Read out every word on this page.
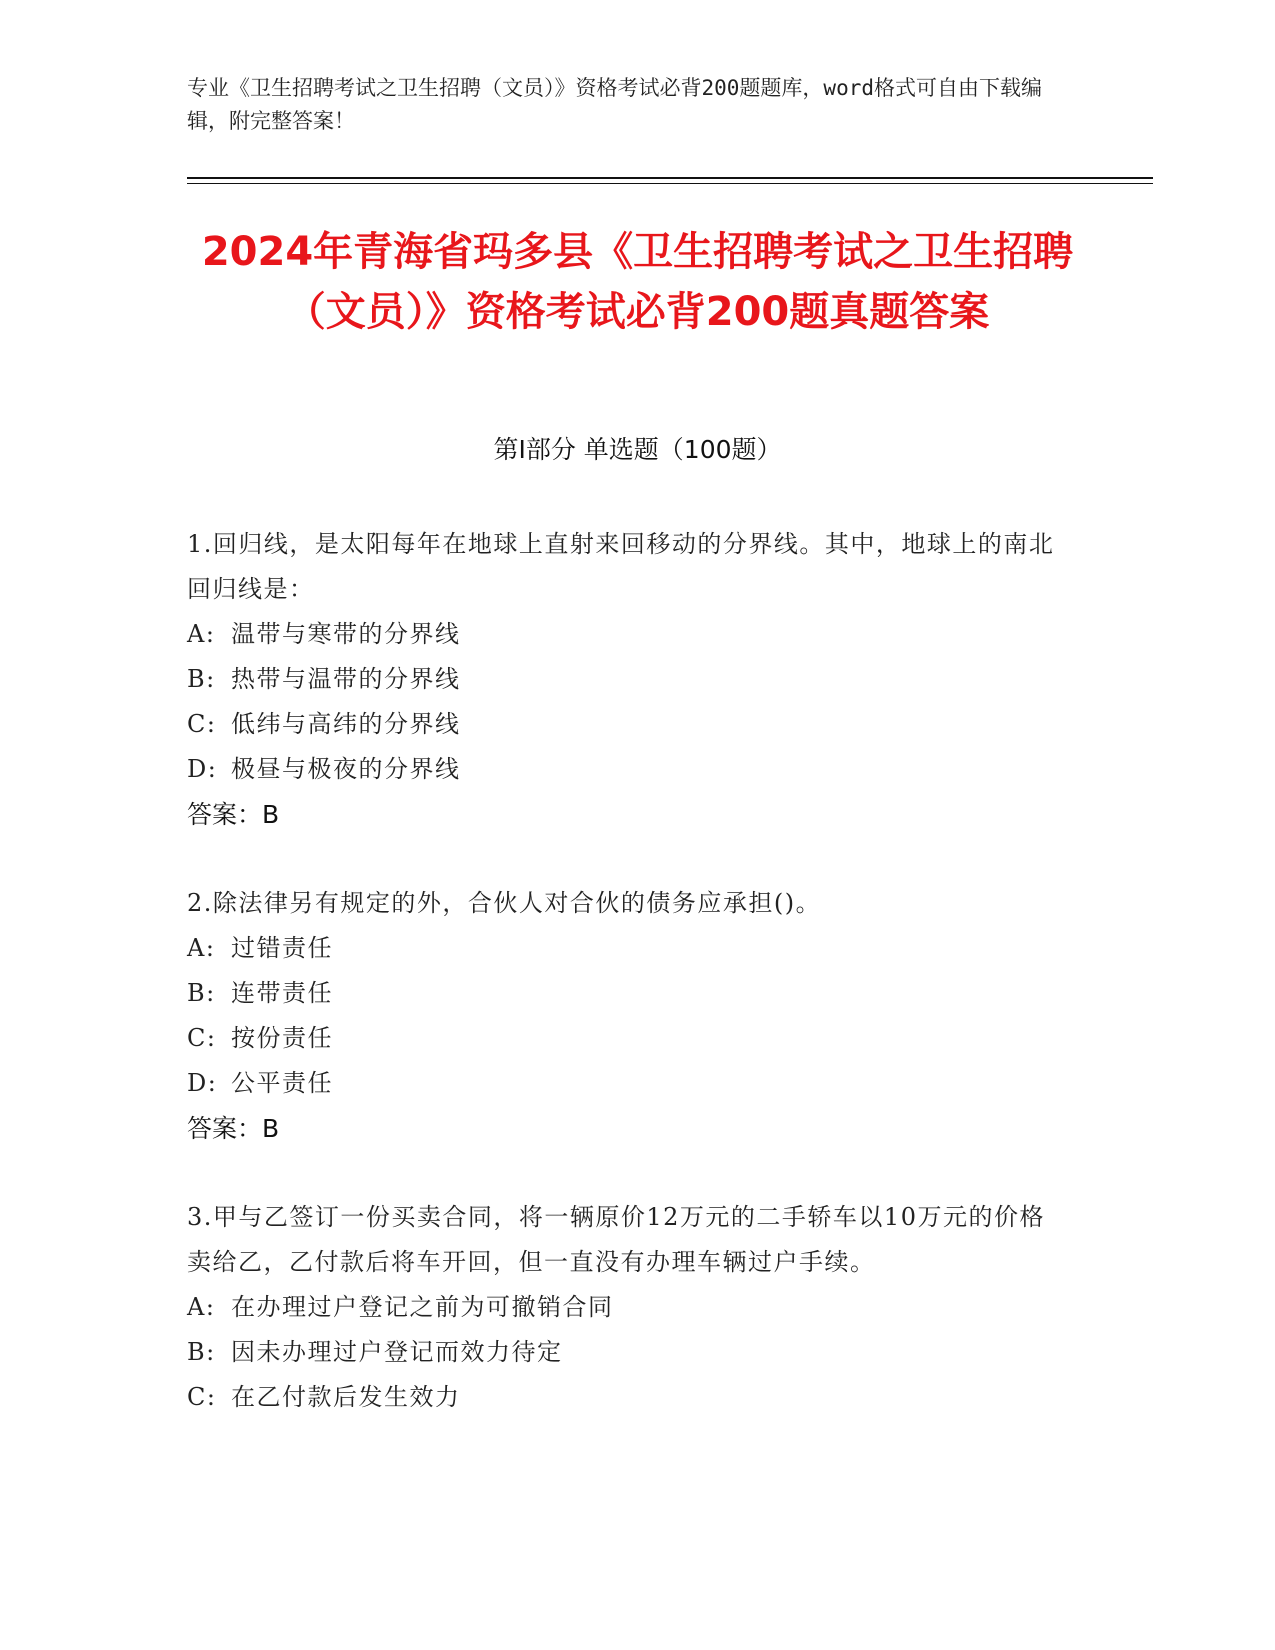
专业《卫生招聘考试之卫生招聘（文员）》资格考试必背200题题库，word格式可自由下载编辑，附完整答案！
2024年青海省玛多县《卫生招聘考试之卫生招聘（文员）》资格考试必背200题真题答案
第I部分 单选题（100题）
1.回归线，是太阳每年在地球上直射来回移动的分界线。其中，地球上的南北回归线是：
A: 温带与寒带的分界线
B: 热带与温带的分界线
C: 低纬与高纬的分界线
D: 极昼与极夜的分界线
答案：B
2.除法律另有规定的外，合伙人对合伙的债务应承担()。
A: 过错责任
B: 连带责任
C: 按份责任
D: 公平责任
答案：B
3.甲与乙签订一份买卖合同，将一辆原价12万元的二手轿车以10万元的价格卖给乙，乙付款后将车开回，但一直没有办理车辆过户手续。
A: 在办理过户登记之前为可撤销合同
B: 因未办理过户登记而效力待定
C: 在乙付款后发生效力
